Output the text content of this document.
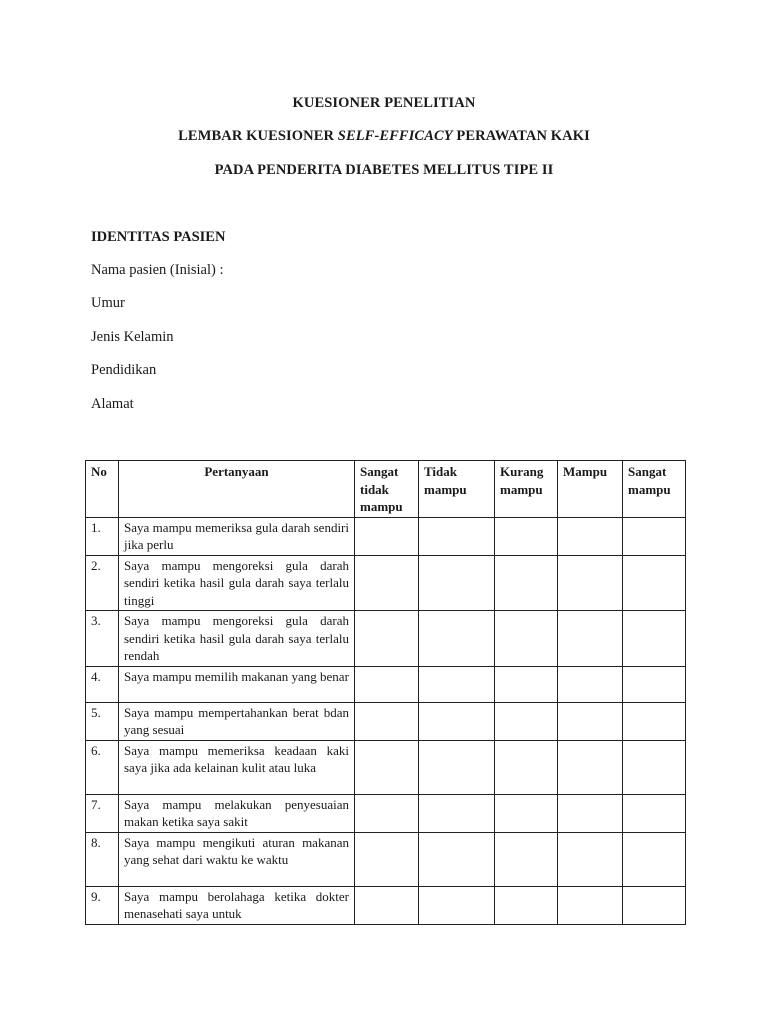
KUESIONER PENELITIAN
LEMBAR KUESIONER SELF-EFFICACY PERAWATAN KAKI
PADA PENDERITA DIABETES MELLITUS TIPE II
IDENTITAS PASIEN
Nama pasien (Inisial) :
Umur
Jenis Kelamin
Pendidikan
Alamat
No	Pertanyaan	Sangat tidak mampu	Tidak mampu	Kurang mampu	Mampu	Sangat mampu
1.	Saya mampu memeriksa gula darah sendiri jika perlu					
2.	Saya mampu mengoreksi gula darah sendiri ketika hasil gula darah saya terlalu tinggi					
3.	Saya mampu mengoreksi gula darah sendiri ketika hasil gula darah saya terlalu rendah					
4.	Saya mampu memilih makanan yang benar					
5.	Saya mampu mempertahankan berat bdan yang sesuai					
6.	Saya mampu memeriksa keadaan kaki saya jika ada kelainan kulit atau luka					
7.	Saya mampu melakukan penyesuaian makan ketika saya sakit					
8.	Saya mampu mengikuti aturan makanan yang sehat dari waktu ke waktu					
9.	Saya mampu berolahaga ketika dokter menasehati saya untuk					
